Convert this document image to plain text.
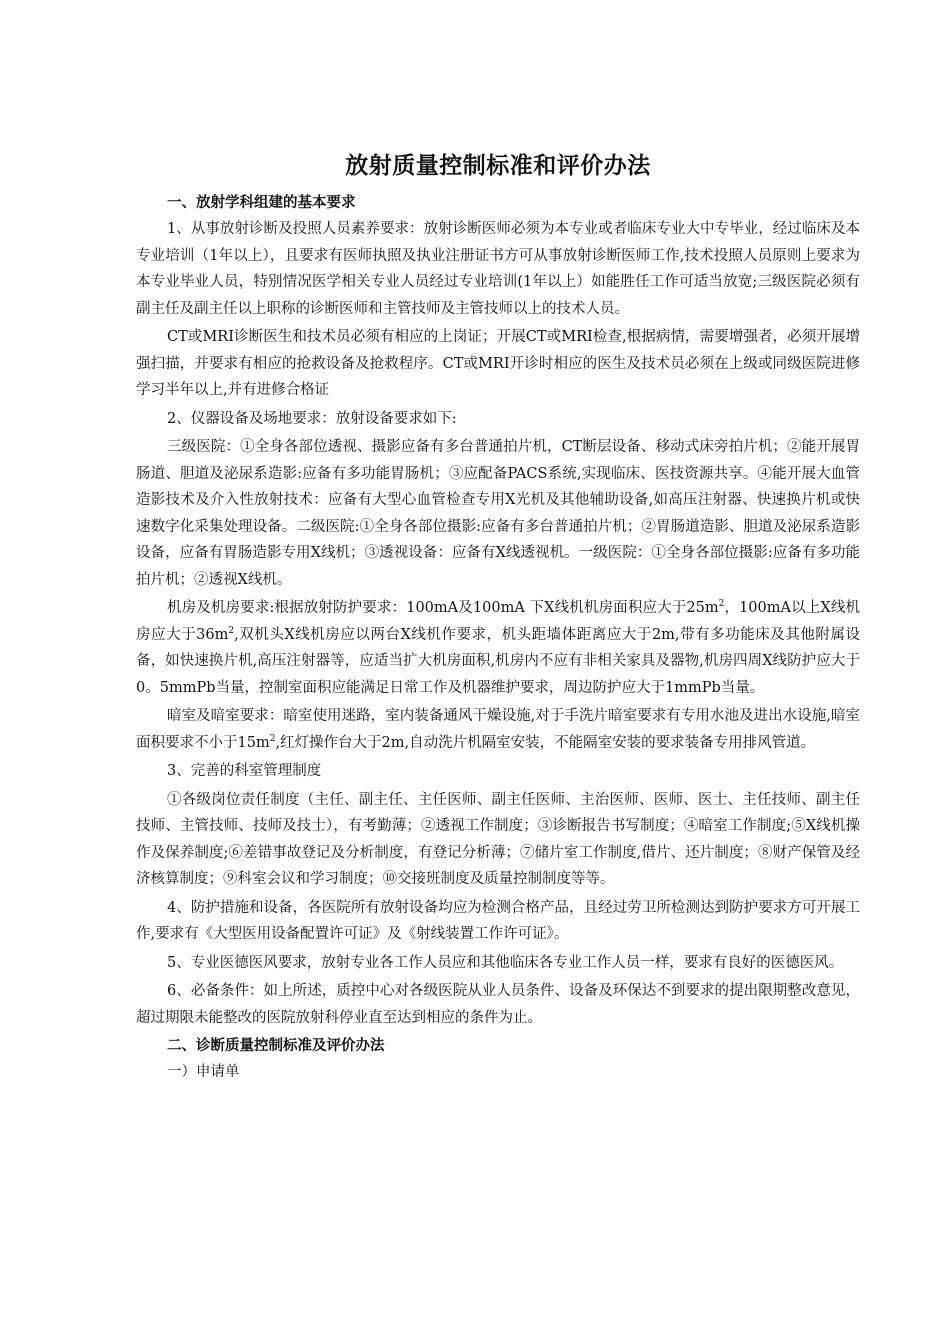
放射质量控制标准和评价办法

一、放射学科组建的基本要求

1、从事放射诊断及投照人员素养要求：放射诊断医师必须为本专业或者临床专业大中专毕业，经过临床及本专业培训（1年以上），且要求有医师执照及执业注册证书方可从事放射诊断医师工作,技术投照人员原则上要求为本专业毕业人员，特别情况医学相关专业人员经过专业培训(1年以上）如能胜任工作可适当放宽;三级医院必须有副主任及副主任以上职称的诊断医师和主管技师及主管技师以上的技术人员。

CT或MRI诊断医生和技术员必须有相应的上岗证；开展CT或MRI检查,根据病情，需要增强者，必须开展增强扫描，并要求有相应的抢救设备及抢救程序。CT或MRI开诊时相应的医生及技术员必须在上级或同级医院进修学习半年以上,并有进修合格证

2、仪器设备及场地要求：放射设备要求如下:

三级医院：①全身各部位透视、摄影应备有多台普通拍片机，CT断层设备、移动式床旁拍片机；②能开展胃肠道、胆道及泌尿系造影:应备有多功能胃肠机；③应配备PACS系统,实现临床、医技资源共享。④能开展大血管造影技术及介入性放射技术：应备有大型心血管检查专用X光机及其他辅助设备,如高压注射器、快速换片机或快速数字化采集处理设备。二级医院:①全身各部位摄影:应备有多台普通拍片机；②胃肠道造影、胆道及泌尿系造影设备，应备有胃肠造影专用X线机；③透视设备：应备有X线透视机。一级医院：①全身各部位摄影:应备有多功能拍片机；②透视X线机。

机房及机房要求:根据放射防护要求：100mA及100mA 下X线机机房面积应大于$25m^2$，100mA以上X线机房应大于$36m^2$,双机头X线机房应以两台X线机作要求，机头距墙体距离应大于2m,带有多功能床及其他附属设备，如快速换片机,高压注射器等，应适当扩大机房面积,机房内不应有非相关家具及器物,机房四周X线防护应大于0。5mmPb当量，控制室面积应能满足日常工作及机器维护要求，周边防护应大于1mmPb当量。

暗室及暗室要求：暗室使用迷路，室内装备通风干燥设施,对于手洗片暗室要求有专用水池及进出水设施,暗室面积要求不小于$15m^2$,红灯操作台大于2m,自动洗片机隔室安装，不能隔室安装的要求装备专用排风管道。

3、完善的科室管理制度

①各级岗位责任制度（主任、副主任、主任医师、副主任医师、主治医师、医师、医士、主任技师、副主任技师、主管技师、技师及技士），有考勤薄；②透视工作制度；③诊断报告书写制度；④暗室工作制度;⑤X线机操作及保养制度;⑥差错事故登记及分析制度，有登记分析薄；⑦储片室工作制度,借片、还片制度；⑧财产保管及经济核算制度；⑨科室会议和学习制度；⑩交接班制度及质量控制制度等等。

4、防护措施和设备，各医院所有放射设备均应为检测合格产品，且经过劳卫所检测达到防护要求方可开展工作,要求有《大型医用设备配置许可证》及《射线装置工作许可证》。

5、专业医德医风要求，放射专业各工作人员应和其他临床各专业工作人员一样，要求有良好的医德医风。

6、必备条件：如上所述，质控中心对各级医院从业人员条件、设备及环保达不到要求的提出限期整改意见，超过期限未能整改的医院放射科停业直至达到相应的条件为止。

二、诊断质量控制标准及评价办法

一）申请单
